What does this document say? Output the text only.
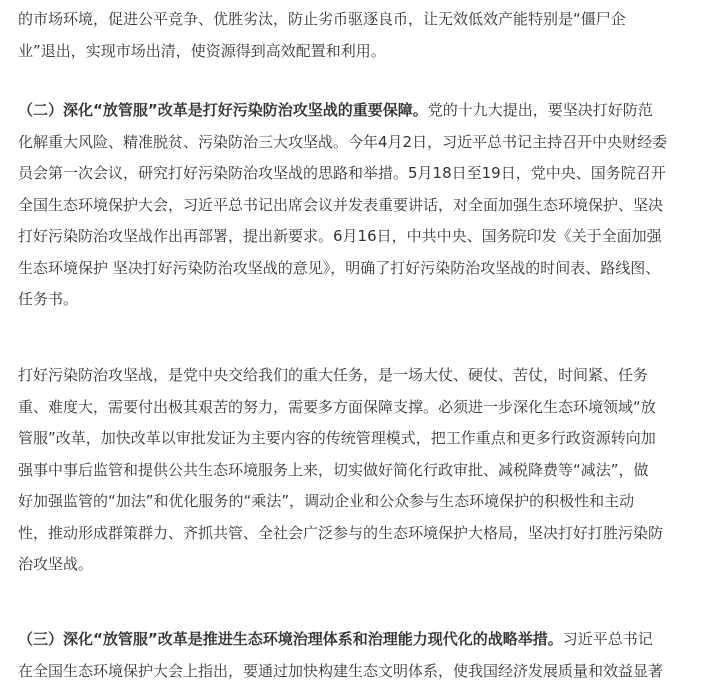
的市场环境，促进公平竞争、优胜劣汰，防止劣币驱逐良币，让无效低效产能特别是“僵尸企
业”退出，实现市场出清，使资源得到高效配置和利用。
（二）深化“放管服”改革是打好污染防治攻坚战的重要保障。党的十九大提出，要坚决打好防范
化解重大风险、精准脱贫、污染防治三大攻坚战。今年4月2日，习近平总书记主持召开中央财经委
员会第一次会议，研究打好污染防治攻坚战的思路和举措。5月18日至19日，党中央、国务院召开
全国生态环境保护大会，习近平总书记出席会议并发表重要讲话，对全面加强生态环境保护、坚决
打好污染防治攻坚战作出再部署，提出新要求。6月16日，中共中央、国务院印发《关于全面加强
生态环境保护 坚决打好污染防治攻坚战的意见》，明确了打好污染防治攻坚战的时间表、路线图、
任务书。
打好污染防治攻坚战，是党中央交给我们的重大任务，是一场大仗、硬仗、苦仗，时间紧、任务
重、难度大，需要付出极其艰苦的努力，需要多方面保障支撑。必须进一步深化生态环境领域“放
管服”改革，加快改革以审批发证为主要内容的传统管理模式，把工作重点和更多行政资源转向加
强事中事后监管和提供公共生态环境服务上来，切实做好简化行政审批、减税降费等“减法”，做
好加强监管的“加法”和优化服务的“乘法”，调动企业和公众参与生态环境保护的积极性和主动
性，推动形成群策群力、齐抓共管、全社会广泛参与的生态环境保护大格局，坚决打好打胜污染防
治攻坚战。
（三）深化“放管服”改革是推进生态环境治理体系和治理能力现代化的战略举措。习近平总书记
在全国生态环境保护大会上指出，要通过加快构建生态文明体系，使我国经济发展质量和效益显著
